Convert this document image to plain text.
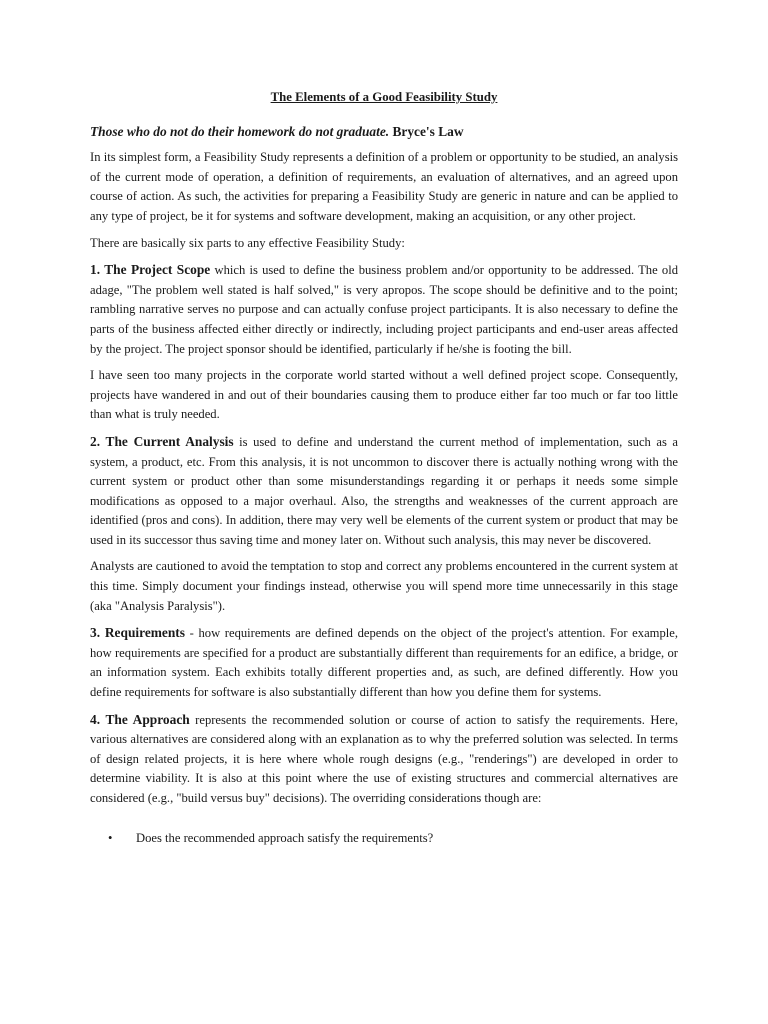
The Elements of a Good Feasibility Study
Those who do not do their homework do not graduate. Bryce's Law

In its simplest form, a Feasibility Study represents a definition of a problem or opportunity to be studied, an analysis of the current mode of operation, a definition of requirements, an evaluation of alternatives, and an agreed upon course of action. As such, the activities for preparing a Feasibility Study are generic in nature and can be applied to any type of project, be it for systems and software development, making an acquisition, or any other project.

There are basically six parts to any effective Feasibility Study:

1. The Project Scope which is used to define the business problem and/or opportunity to be addressed. The old adage, "The problem well stated is half solved," is very apropos. The scope should be definitive and to the point; rambling narrative serves no purpose and can actually confuse project participants. It is also necessary to define the parts of the business affected either directly or indirectly, including project participants and end-user areas affected by the project. The project sponsor should be identified, particularly if he/she is footing the bill.

I have seen too many projects in the corporate world started without a well defined project scope. Consequently, projects have wandered in and out of their boundaries causing them to produce either far too much or far too little than what is truly needed.

2. The Current Analysis is used to define and understand the current method of implementation, such as a system, a product, etc. From this analysis, it is not uncommon to discover there is actually nothing wrong with the current system or product other than some misunderstandings regarding it or perhaps it needs some simple modifications as opposed to a major overhaul. Also, the strengths and weaknesses of the current approach are identified (pros and cons). In addition, there may very well be elements of the current system or product that may be used in its successor thus saving time and money later on. Without such analysis, this may never be discovered.

Analysts are cautioned to avoid the temptation to stop and correct any problems encountered in the current system at this time. Simply document your findings instead, otherwise you will spend more time unnecessarily in this stage (aka "Analysis Paralysis").

3. Requirements - how requirements are defined depends on the object of the project's attention. For example, how requirements are specified for a product are substantially different than requirements for an edifice, a bridge, or an information system. Each exhibits totally different properties and, as such, are defined differently. How you define requirements for software is also substantially different than how you define them for systems.

4. The Approach represents the recommended solution or course of action to satisfy the requirements. Here, various alternatives are considered along with an explanation as to why the preferred solution was selected. In terms of design related projects, it is here where whole rough designs (e.g., "renderings") are developed in order to determine viability. It is also at this point where the use of existing structures and commercial alternatives are considered (e.g., "build versus buy" decisions). The overriding considerations though are:

• Does the recommended approach satisfy the requirements?
